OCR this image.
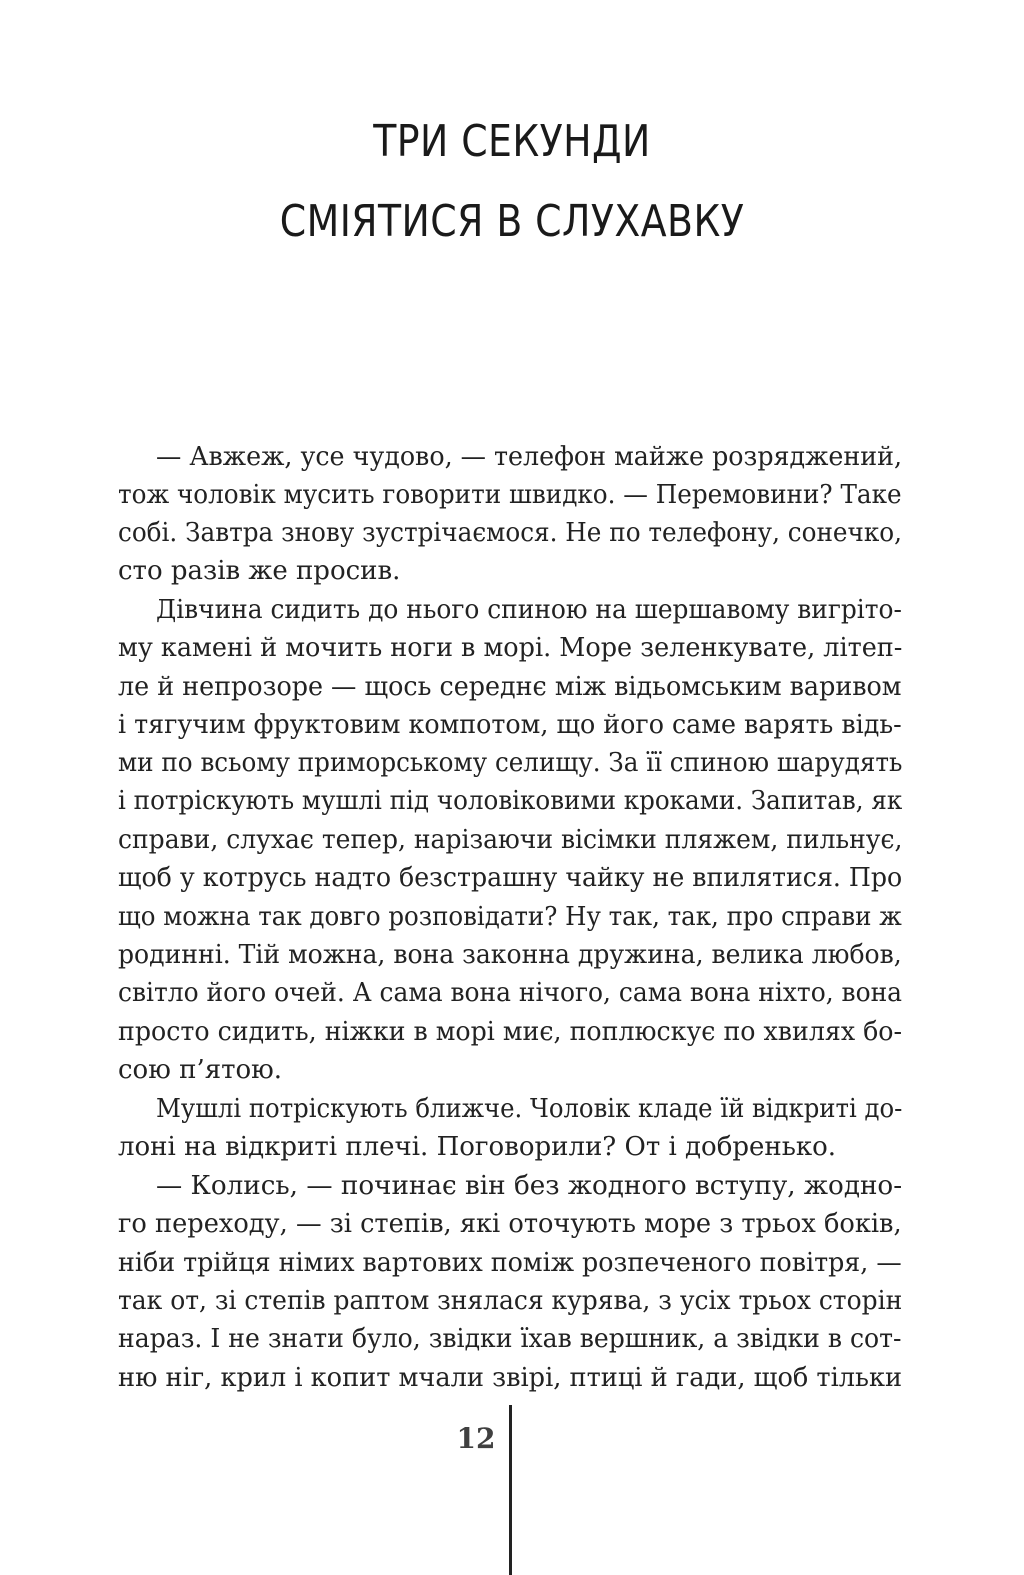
ТРИ СЕКУНДИ
СМІЯТИСЯ В СЛУХАВКУ
— Авжеж, усе чудово, — телефон майже розряджений,
тож чоловік мусить говорити швидко. — Перемовини? Таке
собі. Завтра знову зустрічаємося. Не по телефону, сонечко,
сто разів же просив.
Дівчина сидить до нього спиною на шершавому вигріто-
му камені й мочить ноги в морі. Море зеленкувате, літеп-
ле й непрозоре — щось середнє між відьомським варивом
і тягучим фруктовим компотом, що його саме варять відь-
ми по всьому приморському селищу. За її спиною шарудять
і потріскують мушлі під чоловіковими кроками. Запитав, як
справи, слухає тепер, нарізаючи вісімки пляжем, пильнує,
щоб у котрусь надто безстрашну чайку не впилятися. Про
що можна так довго розповідати? Ну так, так, про справи ж
родинні. Тій можна, вона законна дружина, велика любов,
світло його очей. А сама вона нічого, сама вона ніхто, вона
просто сидить, ніжки в морі миє, поплюскує по хвилях бо-
сою п’ятою.
Мушлі потріскують ближче. Чоловік кладе їй відкриті до-
лоні на відкриті плечі. Поговорили? От і добренько.
— Колись, — починає він без жодного вступу, жодно-
го переходу, — зі степів, які оточують море з трьох боків,
ніби трійця німих вартових поміж розпеченого повітря, —
так от, зі степів раптом знялася курява, з усіх трьох сторін
нараз. І не знати було, звідки їхав вершник, а звідки в сот-
ню ніг, крил і копит мчали звірі, птиці й гади, щоб тільки
12
